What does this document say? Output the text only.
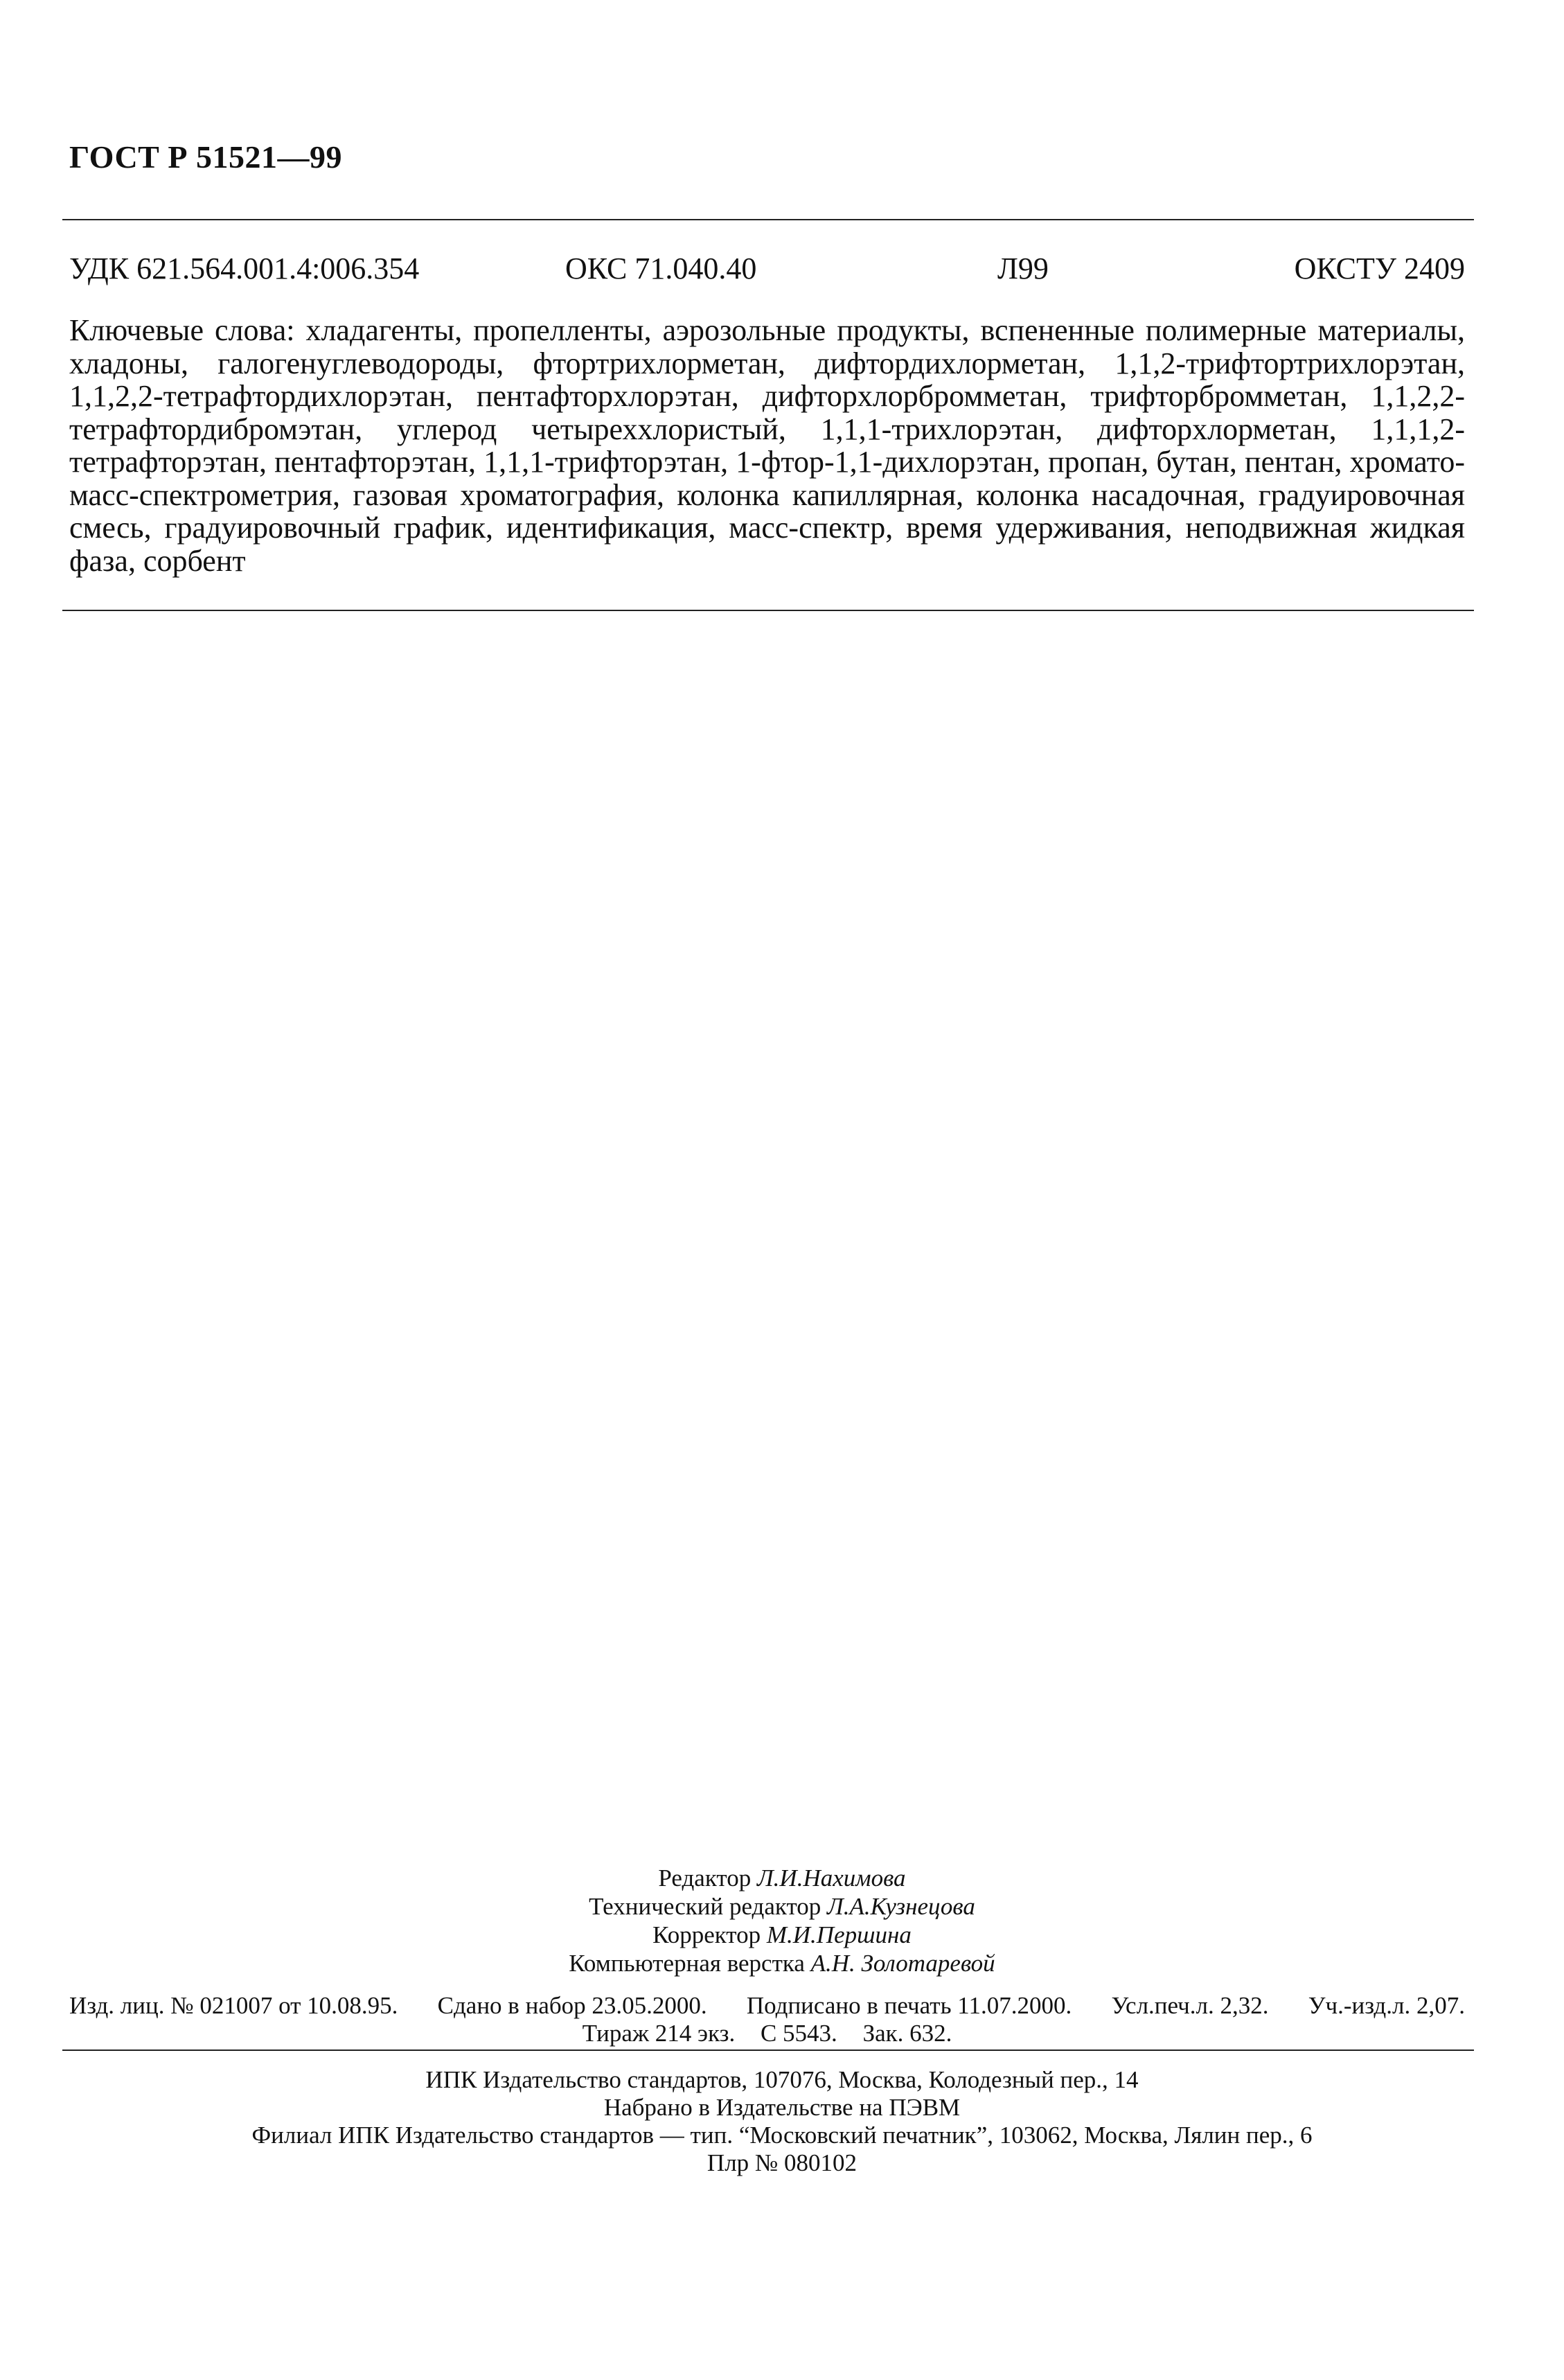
ГОСТ Р 51521—99
УДК 621.564.001.4:006.354	ОКС 71.040.40	Л99	ОКСТУ 2409
Ключевые слова: хладагенты, пропелленты, аэрозольные продукты, вспененные полимерные материалы, хладоны, галогенуглеводороды, фтортрихлорметан, дифтордихлорметан, 1,1,2-трифтортрихлорэтан, 1,1,2,2-тетрафтордихлорэтан, пентафторхлорэтан, дифторхлорбромметан, трифторбромметан, 1,1,2,2-тетрафтордибромэтан, углерод четыреххлористый, 1,1,1-трихлорэтан, дифторхлорметан, 1,1,1,2-тетрафторэтан, пентафторэтан, 1,1,1-трифторэтан, 1-фтор-1,1-дихлорэтан, пропан, бутан, пентан, хромато-масс-спектрометрия, газовая хроматография, колонка капиллярная, колонка насадочная, градуировочная смесь, градуировочный график, идентификация, масс-спектр, время удерживания, неподвижная жидкая фаза, сорбент
Редактор Л.И.Нахимова
Технический редактор Л.А.Кузнецова
Корректор М.И.Першина
Компьютерная верстка А.Н. Золотаревой
Изд. лиц. № 021007 от 10.08.95. Сдано в набор 23.05.2000. Подписано в печать 11.07.2000. Усл.печ.л. 2,32. Уч.-изд.л. 2,07.
Тираж 214 экз. С 5543. Зак. 632.
ИПК Издательство стандартов, 107076, Москва, Колодезный пер., 14
Набрано в Издательстве на ПЭВМ
Филиал ИПК Издательство стандартов — тип. “Московский печатник”, 103062, Москва, Лялин пер., 6
Плр № 080102
